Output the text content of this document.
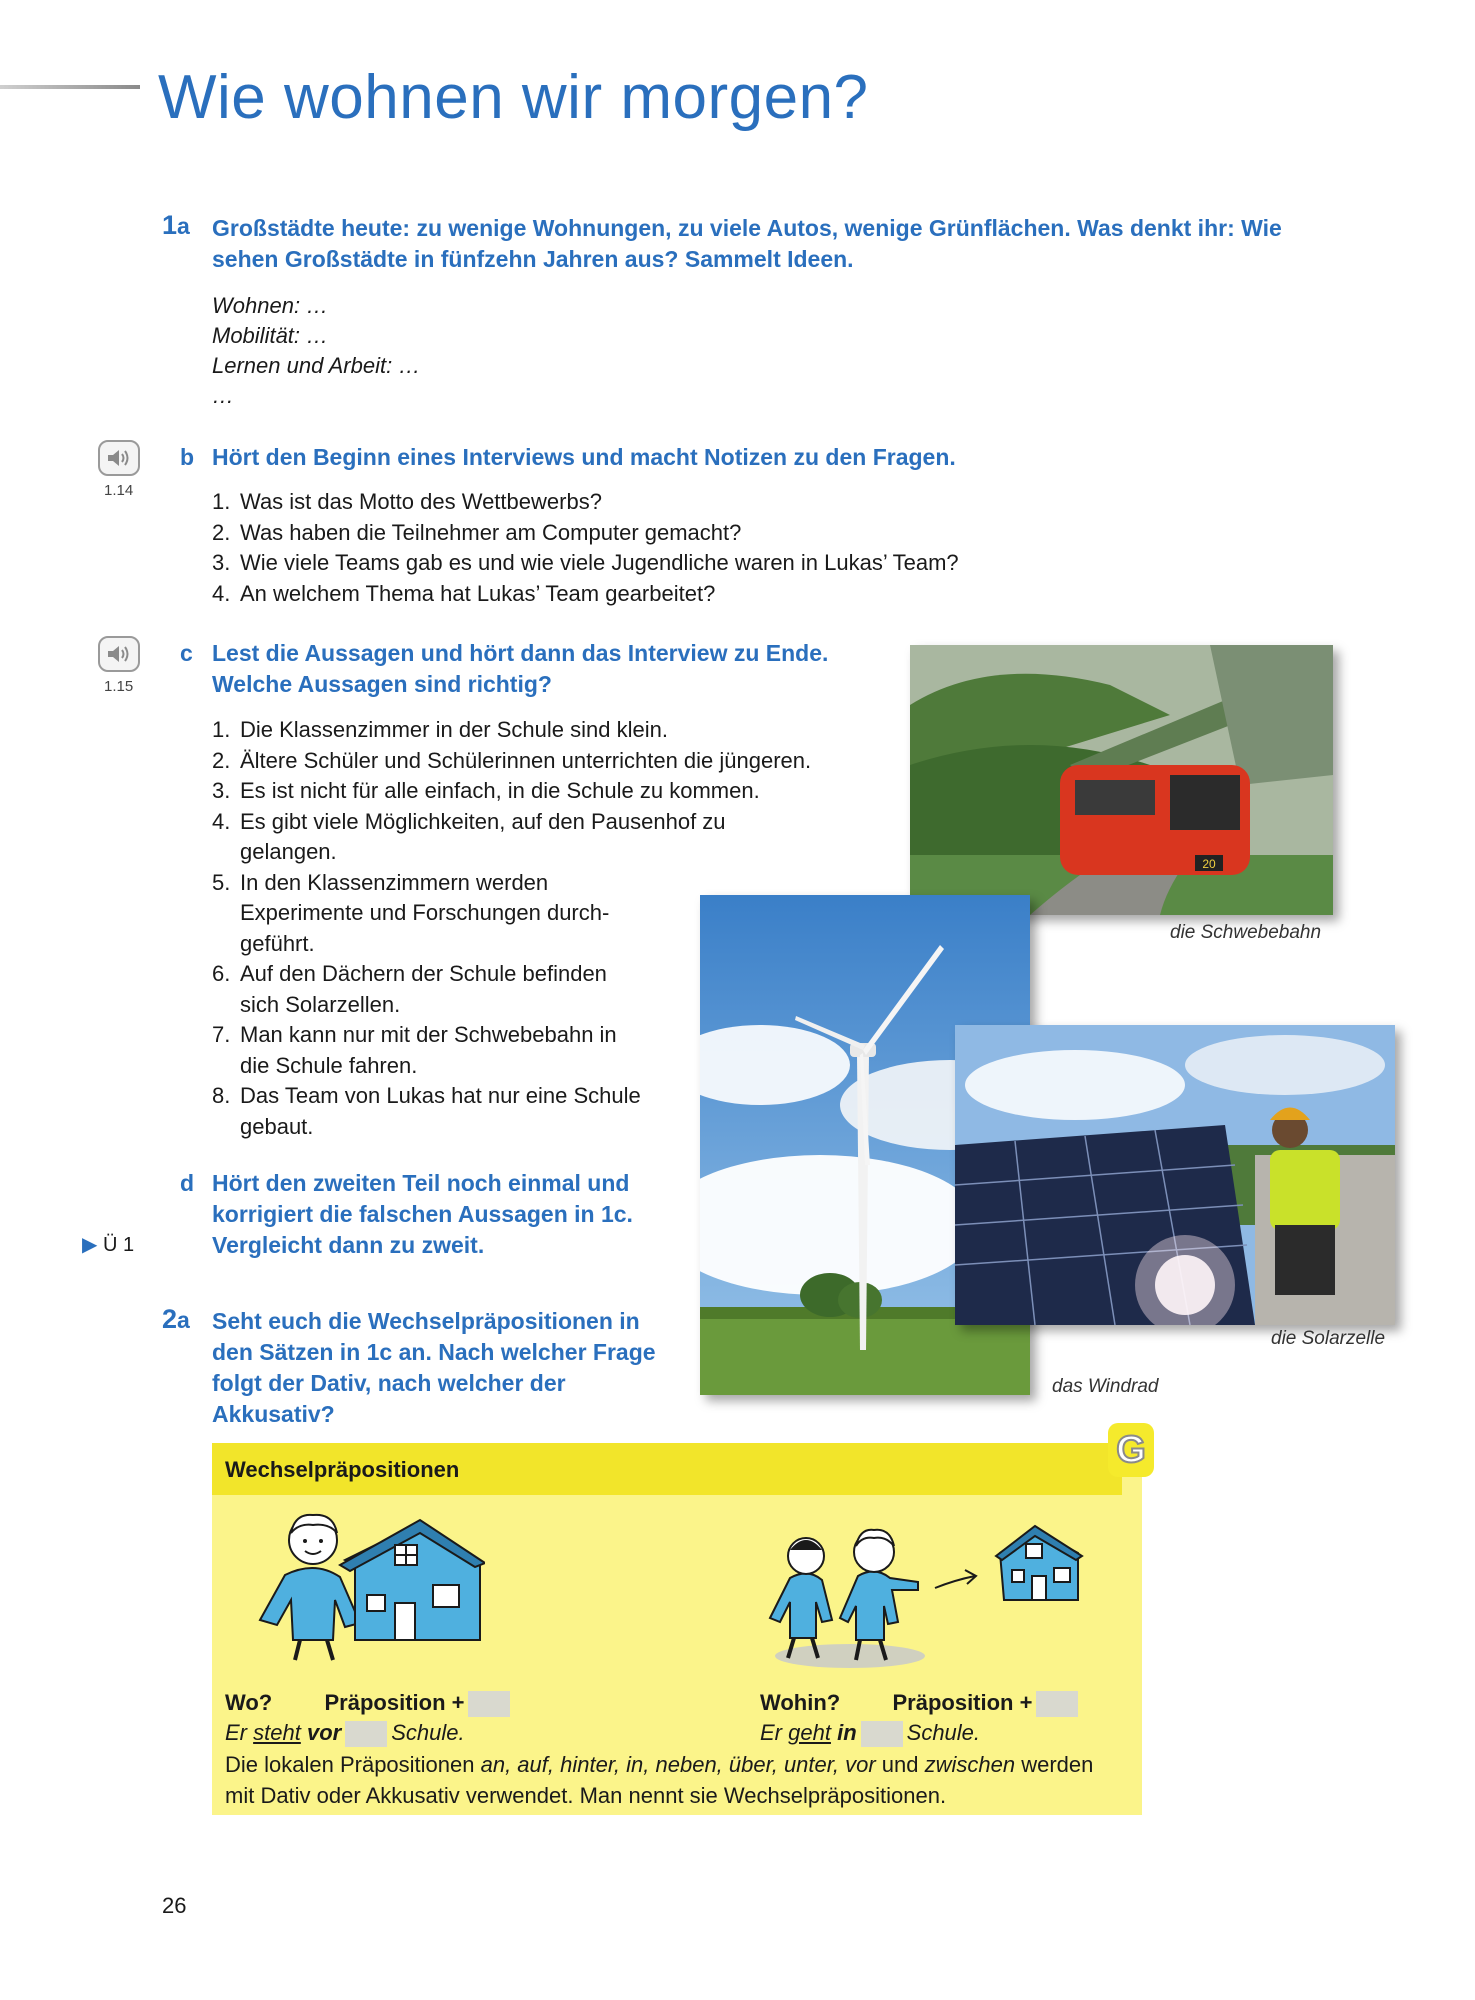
Wie wohnen wir morgen?
1a Großstädte heute: zu wenige Wohnungen, zu viele Autos, wenige Grünflächen. Was denkt ihr: Wie
sehen Großstädte in fünfzehn Jahren aus? Sammelt Ideen.
Wohnen: …
Mobilität: …
Lernen und Arbeit: …
…
1.14
b Hört den Beginn eines Interviews und macht Notizen zu den Fragen.
1. Was ist das Motto des Wettbewerbs?
2. Was haben die Teilnehmer am Computer gemacht?
3. Wie viele Teams gab es und wie viele Jugendliche waren in Lukas’ Team?
4. An welchem Thema hat Lukas’ Team gearbeitet?
1.15
c Lest die Aussagen und hört dann das Interview zu Ende.
Welche Aussagen sind richtig?
1. Die Klassenzimmer in der Schule sind klein.
2. Ältere Schüler und Schülerinnen unterrichten die jüngeren.
3. Es ist nicht für alle einfach, in die Schule zu kommen.
4. Es gibt viele Möglichkeiten, auf den Pausenhof zu
gelangen.
5. In den Klassenzimmern werden
Experimente und Forschungen durch-
geführt.
6. Auf den Dächern der Schule befinden
sich Solarzellen.
7. Man kann nur mit der Schwebebahn in
die Schule fahren.
8. Das Team von Lukas hat nur eine Schule
gebaut.
▶ Ü 1
d Hört den zweiten Teil noch einmal und
korrigiert die falschen Aussagen in 1c.
Vergleicht dann zu zweit.
2a Seht euch die Wechselpräpositionen in
den Sätzen in 1c an. Nach welcher Frage
folgt der Dativ, nach welcher der
Akkusativ?
20
die Schwebebahn
das Windrad
die Solarzelle
Wechselpräpositionen	G
Wo? Präposition +
Er steht vor Schule.
Wohin? Präposition +
Er geht in Schule.
Die lokalen Präpositionen an, auf, hinter, in, neben, über, unter, vor und zwischen werden
mit Dativ oder Akkusativ verwendet. Man nennt sie Wechselpräpositionen.
26
